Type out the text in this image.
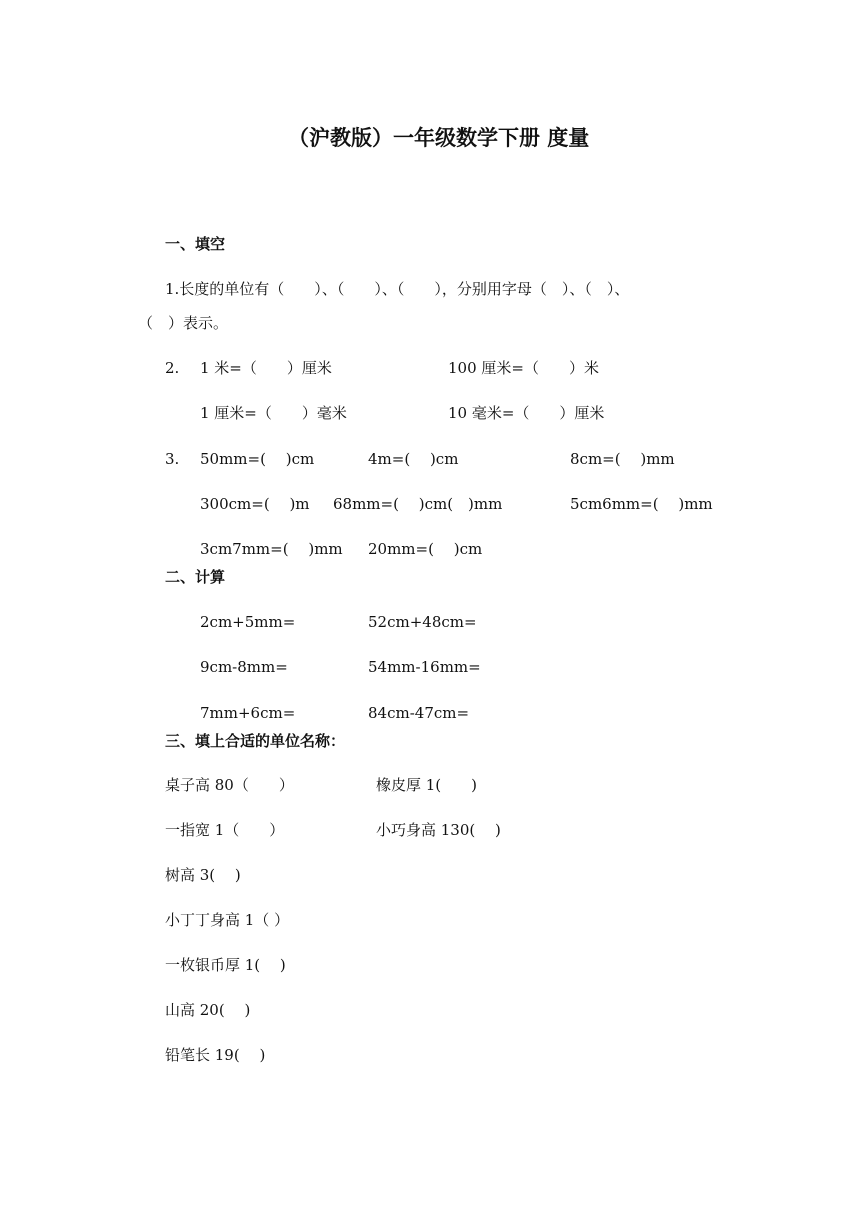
（沪教版）一年级数学下册 度量
一、填空
1.长度的单位有（　　）、（　　）、（　　），分别用字母（　）、（　）、
（　）表示。
2. 1 米=（　　）厘米	100 厘米=（　　）米
1 厘米=（　　）毫米	10 毫米=（　　）厘米
3. 50mm=(　 )cm	4m=(　 )cm	8cm=(　 )mm
300cm=(　 )m 68mm=(　 )cm(　)mm	5cm6mm=(　 )mm
3cm7mm=(　 )mm 20mm=(　 )cm
二、计算
2cm+5mm=	52cm+48cm=
9cm-8mm=	54mm-16mm=
7mm+6cm=	84cm-47cm=
三、填上合适的单位名称：
桌子高 80（　　）	橡皮厚 1(　　)
一指宽 1（　　）	小巧身高 130(　 )
树高 3(　 )
小丁丁身高 1（ ）
一枚银币厚 1(　 )
山高 20(　 )
铅笔长 19(　 )
